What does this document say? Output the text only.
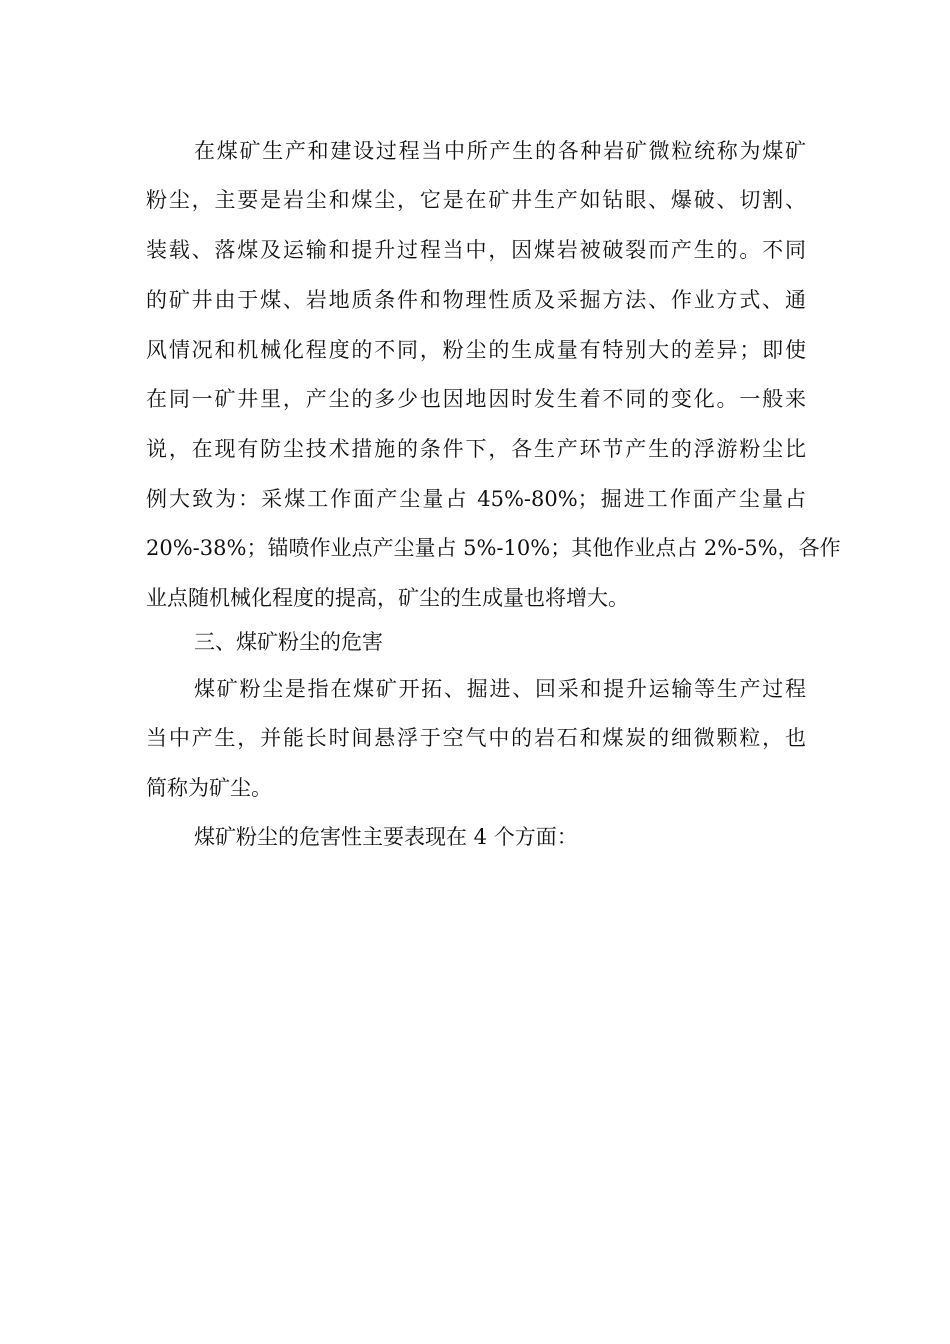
在煤矿生产和建设过程当中所产生的各种岩矿微粒统称为煤矿
粉尘，主要是岩尘和煤尘，它是在矿井生产如钻眼、爆破、切割、
装载、落煤及运输和提升过程当中，因煤岩被破裂而产生的。不同
的矿井由于煤、岩地质条件和物理性质及采掘方法、作业方式、通
风情况和机械化程度的不同，粉尘的生成量有特别大的差异；即使
在同一矿井里，产尘的多少也因地因时发生着不同的变化。一般来
说，在现有防尘技术措施的条件下，各生产环节产生的浮游粉尘比
例大致为：采煤工作面产尘量占 45%-80%；掘进工作面产尘量占
20%-38%；锚喷作业点产尘量占 5%-10%；其他作业点占 2%-5%，各作
业点随机械化程度的提高，矿尘的生成量也将增大。
三、煤矿粉尘的危害
煤矿粉尘是指在煤矿开拓、掘进、回采和提升运输等生产过程
当中产生，并能长时间悬浮于空气中的岩石和煤炭的细微颗粒，也
简称为矿尘。
煤矿粉尘的危害性主要表现在 4 个方面：
